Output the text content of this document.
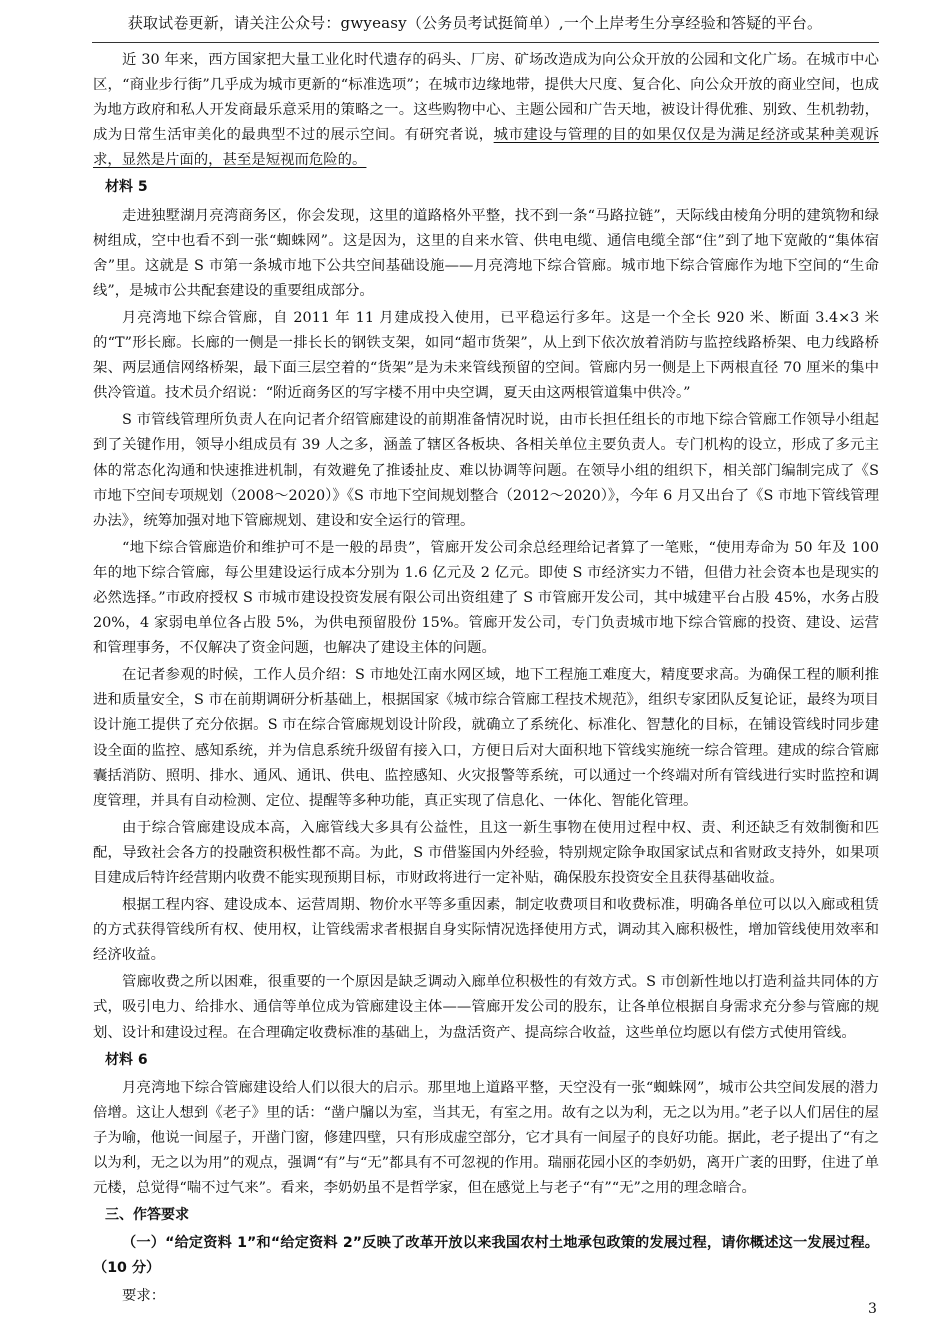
获取试卷更新，请关注公众号：gwyeasy（公务员考试挺简单）,一个上岸考生分享经验和答疑的平台。

近 30 年来，西方国家把大量工业化时代遗存的码头、厂房、矿场改造成为向公众开放的公园和文化广场。在城市中心区，“商业步行街”几乎成为城市更新的“标准选项”；在城市边缘地带，提供大尺度、复合化、向公众开放的商业空间，也成为地方政府和私人开发商最乐意采用的策略之一。这些购物中心、主题公园和广告天地，被设计得优雅、别致、生机勃勃，成为日常生活审美化的最典型不过的展示空间。有研究者说，城市建设与管理的目的如果仅仅是为满足经济或某种美观诉求，显然是片面的，甚至是短视而危险的。

材料 5

走进独墅湖月亮湾商务区，你会发现，这里的道路格外平整，找不到一条“马路拉链”，天际线由棱角分明的建筑物和绿树组成，空中也看不到一张“蜘蛛网”。这是因为，这里的自来水管、供电电缆、通信电缆全部“住”到了地下宽敞的“集体宿舍”里。这就是 S 市第一条城市地下公共空间基础设施——月亮湾地下综合管廊。城市地下综合管廊作为地下空间的“生命线”，是城市公共配套建设的重要组成部分。

月亮湾地下综合管廊，自 2011 年 11 月建成投入使用，已平稳运行多年。这是一个全长 920 米、断面 3.4×3 米的“T”形长廊。长廊的一侧是一排长长的钢铁支架，如同“超市货架”，从上到下依次放着消防与监控线路桥架、电力线路桥架、两层通信网络桥架，最下面三层空着的“货架”是为未来管线预留的空间。管廊内另一侧是上下两根直径 70 厘米的集中供冷管道。技术员介绍说：“附近商务区的写字楼不用中央空调，夏天由这两根管道集中供冷。”

S 市管线管理所负责人在向记者介绍管廊建设的前期准备情况时说，由市长担任组长的市地下综合管廊工作领导小组起到了关键作用，领导小组成员有 39 人之多，涵盖了辖区各板块、各相关单位主要负责人。专门机构的设立，形成了多元主体的常态化沟通和快速推进机制，有效避免了推诿扯皮、难以协调等问题。在领导小组的组织下，相关部门编制完成了《S 市地下空间专项规划（2008～2020）》《S 市地下空间规划整合（2012～2020）》，今年 6 月又出台了《S 市地下管线管理办法》，统筹加强对地下管廊规划、建设和安全运行的管理。

“地下综合管廊造价和维护可不是一般的昂贵”，管廊开发公司余总经理给记者算了一笔账，“使用寿命为 50 年及 100 年的地下综合管廊，每公里建设运行成本分别为 1.6 亿元及 2 亿元。即使 S 市经济实力不错，但借力社会资本也是现实的必然选择。”市政府授权 S 市城市建设投资发展有限公司出资组建了 S 市管廊开发公司，其中城建平台占股 45%，水务占股 20%，4 家弱电单位各占股 5%，为供电预留股份 15%。管廊开发公司，专门负责城市地下综合管廊的投资、建设、运营和管理事务，不仅解决了资金问题，也解决了建设主体的问题。

在记者参观的时候，工作人员介绍：S 市地处江南水网区域，地下工程施工难度大，精度要求高。为确保工程的顺利推进和质量安全，S 市在前期调研分析基础上，根据国家《城市综合管廊工程技术规范》，组织专家团队反复论证，最终为项目设计施工提供了充分依据。S 市在综合管廊规划设计阶段，就确立了系统化、标准化、智慧化的目标，在铺设管线时同步建设全面的监控、感知系统，并为信息系统升级留有接入口，方便日后对大面积地下管线实施统一综合管理。建成的综合管廊囊括消防、照明、排水、通风、通讯、供电、监控感知、火灾报警等系统，可以通过一个终端对所有管线进行实时监控和调度管理，并具有自动检测、定位、提醒等多种功能，真正实现了信息化、一体化、智能化管理。

由于综合管廊建设成本高，入廊管线大多具有公益性，且这一新生事物在使用过程中权、责、利还缺乏有效制衡和匹配，导致社会各方的投融资积极性都不高。为此，S 市借鉴国内外经验，特别规定除争取国家试点和省财政支持外，如果项目建成后特许经营期内收费不能实现预期目标，市财政将进行一定补贴，确保股东投资安全且获得基础收益。

根据工程内容、建设成本、运营周期、物价水平等多重因素，制定收费项目和收费标准，明确各单位可以以入廊或租赁的方式获得管线所有权、使用权，让管线需求者根据自身实际情况选择使用方式，调动其入廊积极性，增加管线使用效率和经济收益。

管廊收费之所以困难，很重要的一个原因是缺乏调动入廊单位积极性的有效方式。S 市创新性地以打造利益共同体的方式，吸引电力、给排水、通信等单位成为管廊建设主体——管廊开发公司的股东，让各单位根据自身需求充分参与管廊的规划、设计和建设过程。在合理确定收费标准的基础上，为盘活资产、提高综合收益，这些单位均愿以有偿方式使用管线。

材料 6

月亮湾地下综合管廊建设给人们以很大的启示。那里地上道路平整，天空没有一张“蜘蛛网”，城市公共空间发展的潜力倍增。这让人想到《老子》里的话：“凿户牖以为室，当其无，有室之用。故有之以为利，无之以为用。”老子以人们居住的屋子为喻，他说一间屋子，开凿门窗，修建四壁，只有形成虚空部分，它才具有一间屋子的良好功能。据此，老子提出了“有之以为利，无之以为用”的观点，强调“有”与“无”都具有不可忽视的作用。瑞丽花园小区的李奶奶，离开广袤的田野，住进了单元楼，总觉得“喘不过气来”。看来，李奶奶虽不是哲学家，但在感觉上与老子“有”“无”之用的理念暗合。

三、作答要求

（一）“给定资料 1”和“给定资料 2”反映了改革开放以来我国农村土地承包政策的发展过程，请你概述这一发展过程。（10 分）

要求：

3
